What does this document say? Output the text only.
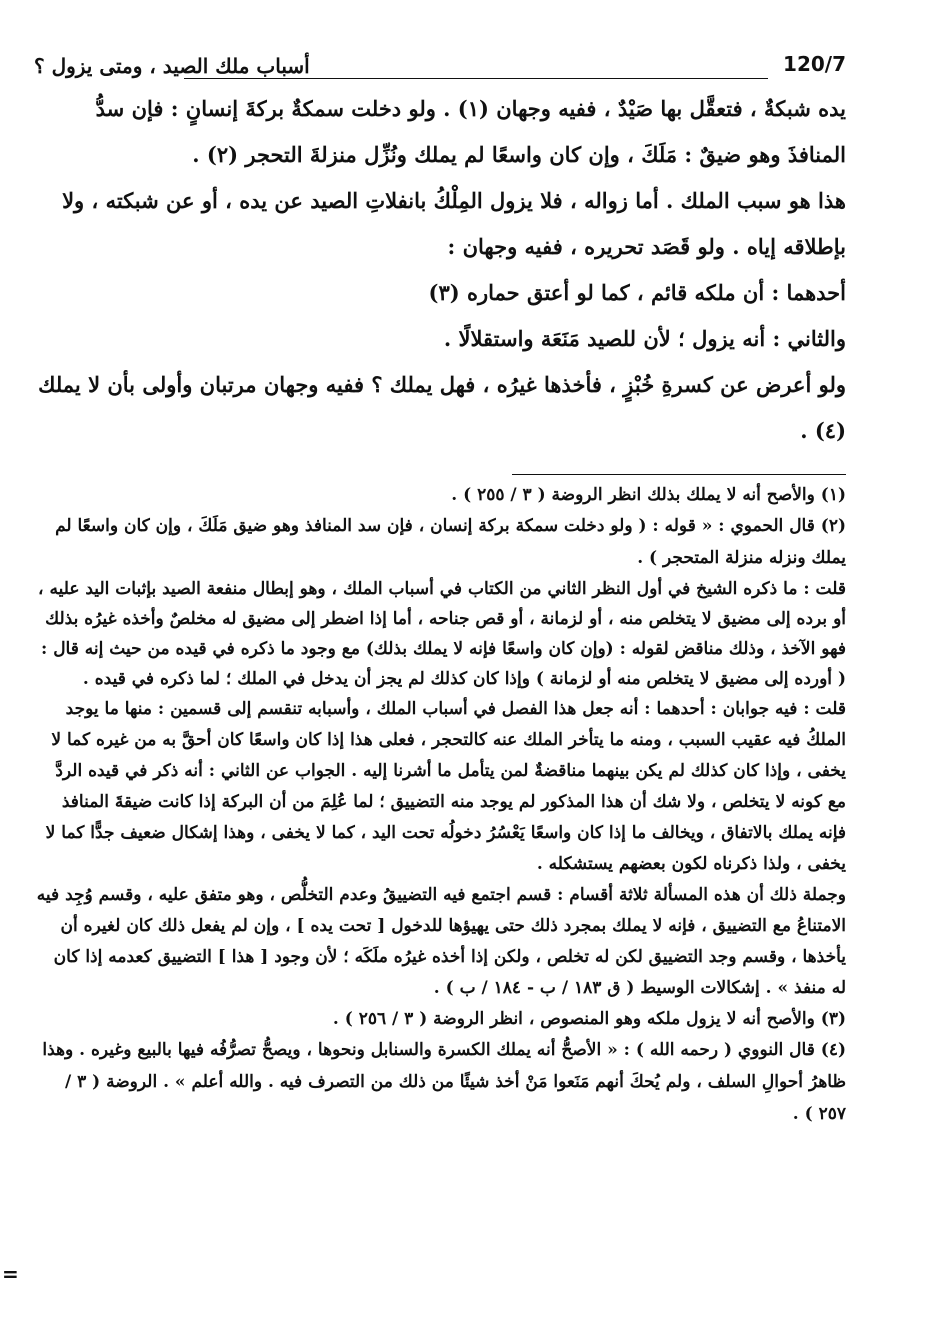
120/7
أسباب ملك الصيد ، ومتى يزول ؟

يده شبكةٌ ، فتعقَّل بها صَيْدٌ ، ففيه وجهان (١) . ولو دخلت سمكةٌ بركةَ إنسانٍ : فإن سدُّ المنافذَ وهو ضيقٌ : مَلَكَ ، وإن كان واسعًا لم يملك ونُزِّل منزلةَ التحجر (٢) .

هذا هو سبب الملك . أما زواله ، فلا يزول المِلْكُ بانفلاتِ الصيد عن يده ، أو عن شبكته ، ولا بإطلاقه إياه . ولو قَصَد تحريره ، ففيه وجهان :

أحدهما : أن ملكه قائم ، كما لو أعتق حماره (٣)

والثاني : أنه يزول ؛ لأن للصيد مَنَعَة واستقلالًا .

ولو أعرض عن كسرةِ خُبْزٍ ، فأخذها غيرُه ، فهل يملك ؟ ففيه وجهان مرتبان وأولى بأن لا يملك (٤) .

(١) والأصح أنه لا يملك بذلك انظر الروضة ( ٣ / ٢٥٥ ) .

(٢) قال الحموي : « قوله : ( ولو دخلت سمكة بركة إنسان ، فإن سد المنافذ وهو ضيق مَلَكَ ، وإن كان واسعًا لم يملك ونزله منزلة المتحجر ) .

قلت : ما ذكره الشيخ في أول النظر الثاني من الكتاب في أسباب الملك ، وهو إبطال منفعة الصيد بإثبات اليد عليه ، أو برده إلى مضيق لا يتخلص منه ، أو لزمانة ، أو قص جناحه ، أما إذا اضطر إلى مضيق له مخلصٌ وأخذه غيرُه بذلك فهو الآخذ ، وذلك مناقض لقوله : (وإن كان واسعًا فإنه لا يملك بذلك) مع وجود ما ذكره في قيده من حيث إنه قال : ( أورده إلى مضيق لا يتخلص منه أو لزمانة ) وإذا كان كذلك لم يجز أن يدخل في الملك ؛ لما ذكره في قيده .

قلت : فيه جوابان : أحدهما : أنه جعل هذا الفصل في أسباب الملك ، وأسبابه تنقسم إلى قسمين : منها ما يوجد الملكُ فيه عقيب السبب ، ومنه ما يتأخر الملك عنه كالتحجر ، فعلى هذا إذا كان واسعًا كان أحقَّ به من غيره كما لا يخفى ، وإذا كان كذلك لم يكن بينهما مناقضةٌ لمن يتأمل ما أشرنا إليه . الجواب عن الثاني : أنه ذكر في قيده الردَّ مع كونه لا يتخلص ، ولا شك أن هذا المذكور لم يوجد منه التضييق ؛ لما عُلِمَ من أن البركة إذا كانت ضيقةَ المنافذ فإنه يملك بالاتفاق ، ويخالف ما إذا كان واسعًا يَعْسُرُ دخولُه تحت اليد ، كما لا يخفى ، وهذا إشكال ضعيف جدًّا كما لا يخفى ، ولذا ذكرناه لكون بعضهم يستشكله .

وجملة ذلك أن هذه المسألة ثلاثة أقسام : قسم اجتمع فيه التضييقُ وعدم التخلُّص ، وهو متفق عليه ، وقسم وُجِد فيه الامتناعُ مع التضييق ، فإنه لا يملك بمجرد ذلك حتى يهيؤها للدخول [ تحت يده ] ، وإن لم يفعل ذلك كان لغيره أن يأخذها ، وقسم وجد التضييق لكن له تخلص ، ولكن إذا أخذه غيرُه ملَكَه ؛ لأن وجود [ هذا ] التضييق كعدمه إذا كان له منفذ » . إشكالات الوسيط ( ق ١٨٣ / ب - ١٨٤ / ب ) .

(٣) والأصح أنه لا يزول ملكه وهو المنصوص ، انظر الروضة ( ٣ / ٢٥٦ ) .

(٤) قال النووي ( رحمه الله ) : « الأصحُّ أنه يملك الكسرة والسنابل ونحوها ، ويصحُّ تصرُّفُه فيها بالبيع وغيره . وهذا ظاهرُ أحوالِ السلف ، ولم يُحكَ أنهم مَنَعوا مَنْ أخذ شيئًا من ذلك من التصرف فيه . والله أعلم » . الروضة ( ٣ / ٢٥٧ ) .

=
